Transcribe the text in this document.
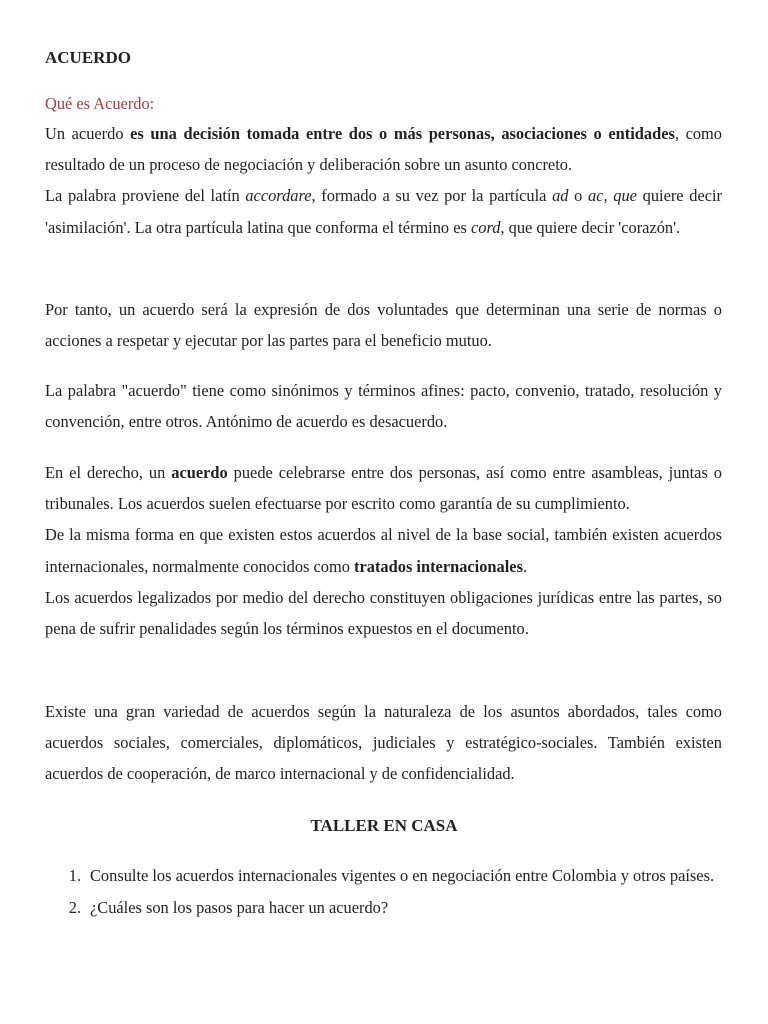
ACUERDO
Qué es Acuerdo:

Un acuerdo es una decisión tomada entre dos o más personas, asociaciones o entidades, como resultado de un proceso de negociación y deliberación sobre un asunto concreto.

La palabra proviene del latín accordare, formado a su vez por la partícula ad o ac, que quiere decir 'asimilación'. La otra partícula latina que conforma el término es cord, que quiere decir 'corazón'.

Por tanto, un acuerdo será la expresión de dos voluntades que determinan una serie de normas o acciones a respetar y ejecutar por las partes para el beneficio mutuo.

La palabra "acuerdo" tiene como sinónimos y términos afines: pacto, convenio, tratado, resolución y convención, entre otros. Antónimo de acuerdo es desacuerdo.

En el derecho, un acuerdo puede celebrarse entre dos personas, así como entre asambleas, juntas o tribunales. Los acuerdos suelen efectuarse por escrito como garantía de su cumplimiento.

De la misma forma en que existen estos acuerdos al nivel de la base social, también existen acuerdos internacionales, normalmente conocidos como tratados internacionales.

Los acuerdos legalizados por medio del derecho constituyen obligaciones jurídicas entre las partes, so pena de sufrir penalidades según los términos expuestos en el documento.

Existe una gran variedad de acuerdos según la naturaleza de los asuntos abordados, tales como acuerdos sociales, comerciales, diplomáticos, judiciales y estratégico-sociales. También existen acuerdos de cooperación, de marco internacional y de confidencialidad.

TALLER EN CASA
1. Consulte los acuerdos internacionales vigentes o en negociación entre Colombia y otros países.
2. ¿Cuáles son los pasos para hacer un acuerdo?
